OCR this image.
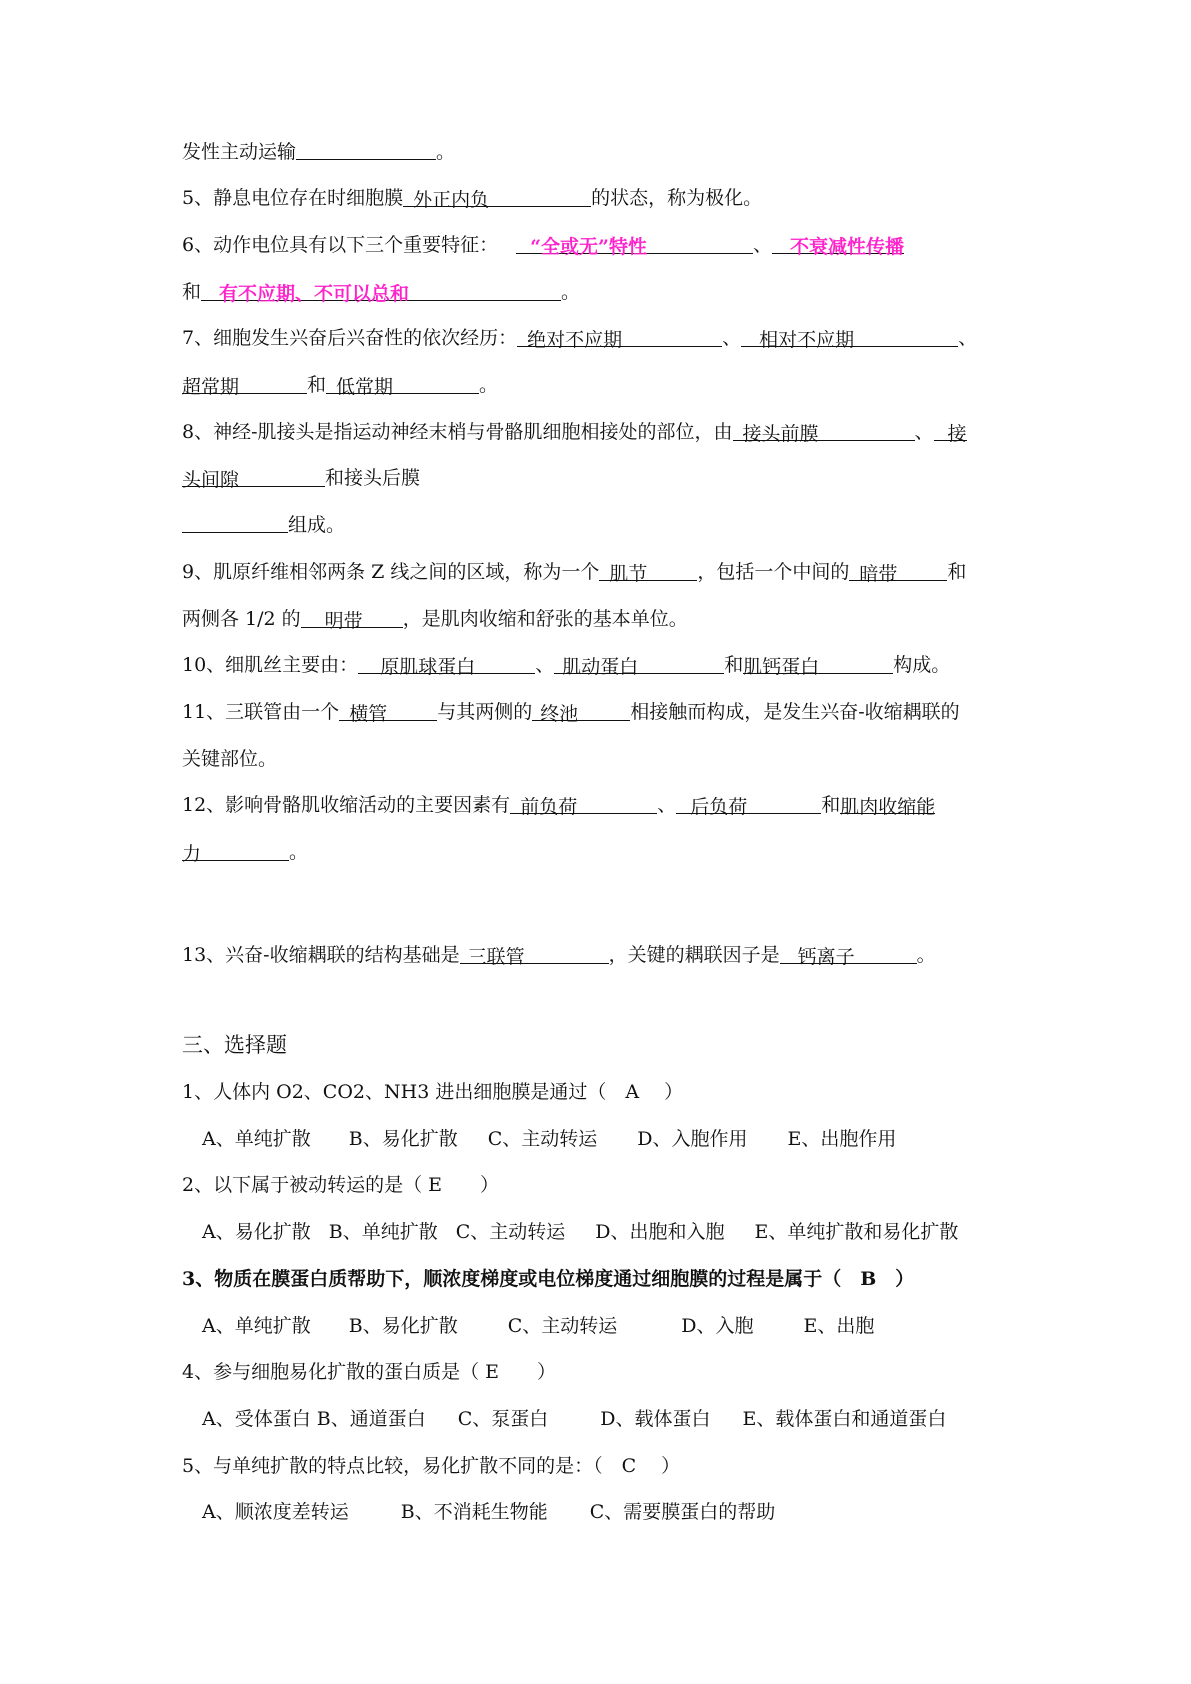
发性主动运输	。
5、静息电位存在时细胞膜 外正内负	的状态，称为极化。
6、动作电位具有以下三个重要特征： “全或无”特性	、 不衰减性传播
和 有不应期、不可以总和	。
7、细胞发生兴奋后兴奋性的依次经历： 绝对不应期	、 相对不应期	、
超常期	和 低常期	。
8、神经-肌接头是指运动神经末梢与骨骼肌细胞相接处的部位，由 接头前膜	、 接
头间隙	和接头后膜
组成。
9、肌原纤维相邻两条 Z 线之间的区域，称为一个 肌节	，包括一个中间的 暗带	和
两侧各 1/2 的 明带 ，是肌肉收缩和舒张的基本单位。
10、细肌丝主要由： 原肌球蛋白	、 肌动蛋白	和肌钙蛋白	构成。
11、三联管由一个 横管	与其两侧的 终池	相接触而构成，是发生兴奋-收缩耦联的
关键部位。
12、影响骨骼肌收缩活动的主要因素有 前负荷	、 后负荷	和肌肉收缩能
力	。
13、兴奋-收缩耦联的结构基础是 三联管	，关键的耦联因子是 钙离子	。
三、选择题
1、人体内 O2、CO2、NH3 进出细胞膜是通过（　A　 ）
A、单纯扩散 B、易化扩散 C、主动转运 D、入胞作用 E、出胞作用
2、以下属于被动转运的是（ E　　）
A、易化扩散 B、单纯扩散 C、主动转运 D、出胞和入胞 E、单纯扩散和易化扩散
3、物质在膜蛋白质帮助下，顺浓度梯度或电位梯度通过细胞膜的过程是属于（　B　）
A、单纯扩散 B、易化扩散	C、主动转运	D、入胞	E、出胞
4、参与细胞易化扩散的蛋白质是（ E　　）
A、受体蛋白 B、通道蛋白 C、泵蛋白	D、载体蛋白 E、载体蛋白和通道蛋白
5、与单纯扩散的特点比较，易化扩散不同的是：（　C　 ）
A、顺浓度差转运	B、不消耗生物能 C、需要膜蛋白的帮助
